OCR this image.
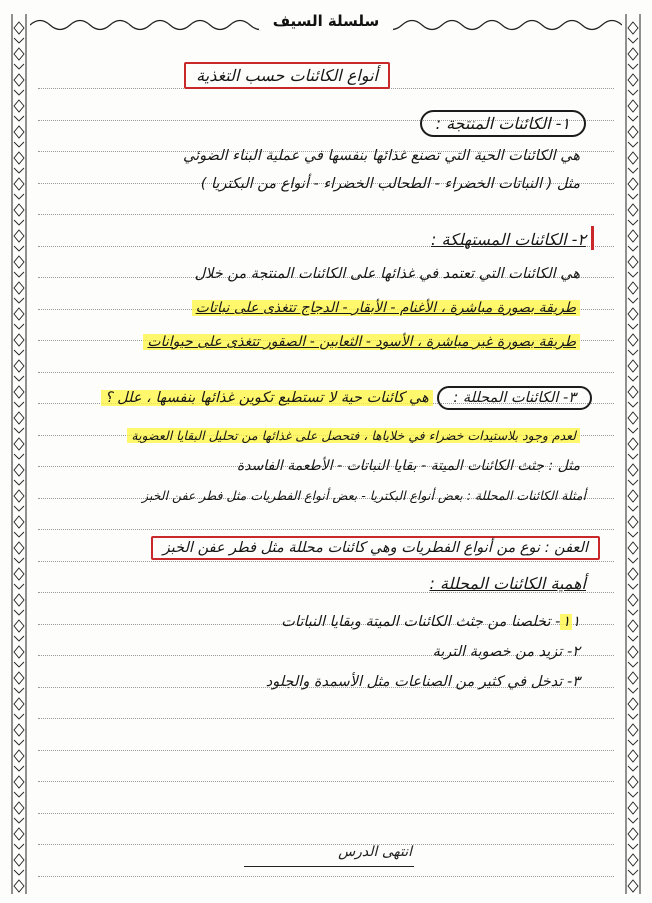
سلسلة السيف
أنواع الكائنات حسب التغذية
١- الكائنات المنتجة :
هي الكائنات الحية التي تصنع غذائها بنفسها في عملية البناء الضوئي
مثل ( النباتات الخضراء - الطحالب الخضراء - أنواع من البكتريا )
٢- الكائنات المستهلكة :
هي الكائنات التي تعتمد في غذائها على الكائنات المنتجة من خلال
طريقة بصورة مباشرة ، الأغنام - الأبقار - الدجاج تتغذى على نباتات
طريقة بصورة غير مباشرة ، الأسود - الثعابين - الصقور تتغذى على حيوانات
٣- الكائنات المحللة : هي كائنات حية لا تستطيع تكوين غذائها بنفسها ، علل ؟
لعدم وجود بلاستيدات خضراء في خلاياها ، فتحصل على غذائها من تحليل البقايا العضوية
مثل : جثث الكائنات الميتة - بقايا النباتات - الأطعمة الفاسدة
أمثلة الكائنات المحللة : بعض أنواع البكتريا - بعض أنواع الفطريات مثل فطر عفن الخبز
العفن : نوع من أنواع الفطريات وهي كائنات محللة مثل فطر عفن الخبز
أهمية الكائنات المحللة :
١١- تخلصنا من جثث الكائنات الميتة وبقايا النباتات
٢- تزيد من خصوبة التربة
٣- تدخل في كثير من الصناعات مثل الأسمدة والجلود
انتهى الدرس
